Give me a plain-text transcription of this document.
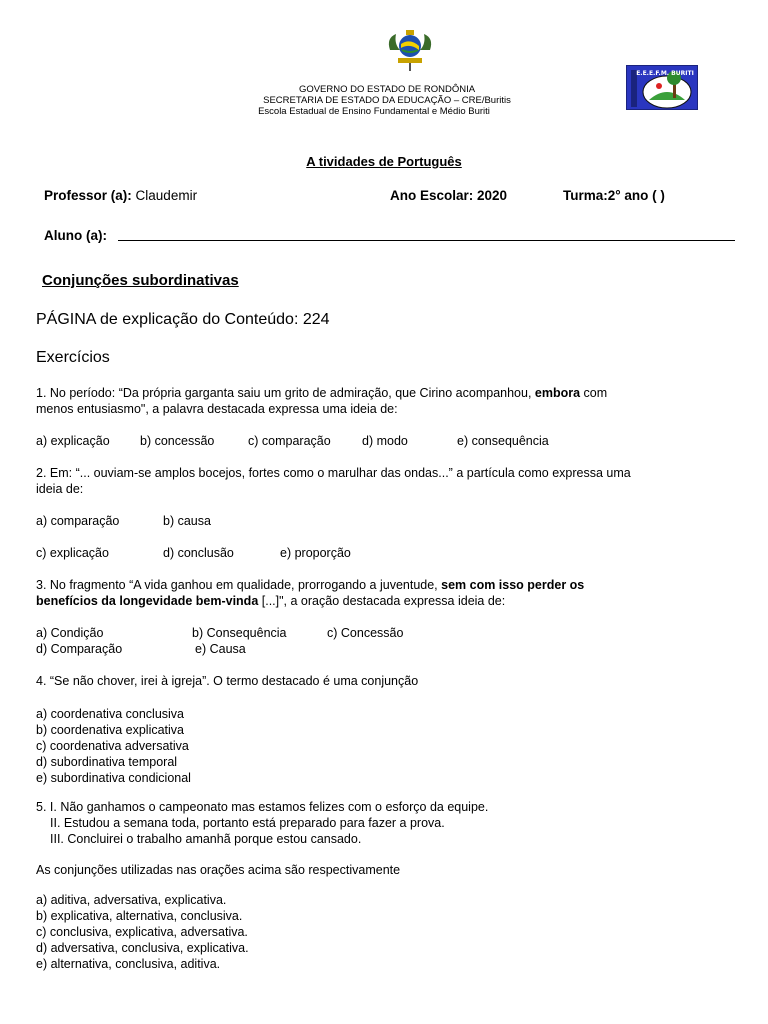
GOVERNO DO ESTADO DE RONDÔNIA
SECRETARIA DE ESTADO DA EDUCAÇÃO – CRE/Buritis
Escola Estadual de Ensino Fundamental e Médio Buriti
E.E.E.F.M. BURITI
A tividades de Português
Professor (a): Claudemir	Ano Escolar: 2020	Turma:2° ano ( )
Aluno (a):
Conjunções subordinativas
PÁGINA de explicação do Conteúdo: 224
Exercícios
1. No período: “Da própria garganta saiu um grito de admiração, que Cirino acompanhou, embora com
menos entusiasmo", a palavra destacada expressa uma ideia de:
a) explicação b) concessão	c) comparação	d) modo	e) consequência
2. Em: “... ouviam-se amplos bocejos, fortes como o marulhar das ondas...” a partícula como expressa uma
ideia de:
a) comparação	b) causa
c) explicação	d) conclusão	e) proporção
3. No fragmento “A vida ganhou em qualidade, prorrogando a juventude, sem com isso perder os
benefícios da longevidade bem-vinda [...]", a oração destacada expressa ideia de:
a) Condição	b) Consequência	c) Concessão
d) Comparação	e) Causa
4. “Se não chover, irei à igreja”. O termo destacado é uma conjunção
a) coordenativa conclusiva
b) coordenativa explicativa
c) coordenativa adversativa
d) subordinativa temporal
e) subordinativa condicional
5. I. Não ganhamos o campeonato mas estamos felizes com o esforço da equipe.
II. Estudou a semana toda, portanto está preparado para fazer a prova.
III. Concluirei o trabalho amanhã porque estou cansado.
As conjunções utilizadas nas orações acima são respectivamente
a) aditiva, adversativa, explicativa.
b) explicativa, alternativa, conclusiva.
c) conclusiva, explicativa, adversativa.
d) adversativa, conclusiva, explicativa.
e) alternativa, conclusiva, aditiva.
